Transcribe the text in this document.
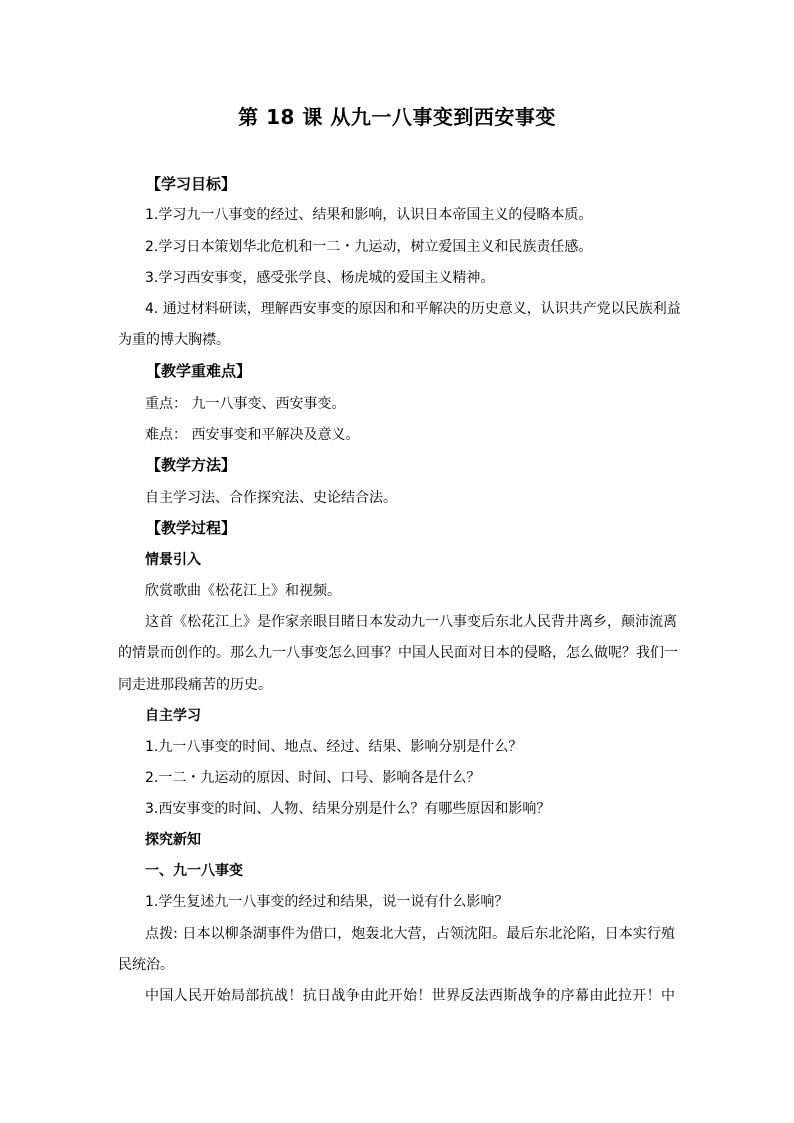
第 18 课 从九一八事变到西安事变
【学习目标】
1.学习九一八事变的经过、结果和影响，认识日本帝国主义的侵略本质。
2.学习日本策划华北危机和一二・九运动，树立爱国主义和民族责任感。
3.学习西安事变，感受张学良、杨虎城的爱国主义精神。
4. 通过材料研读，理解西安事变的原因和和平解决的历史意义，认识共产党以民族利益
为重的博大胸襟。
【教学重难点】
重点： 九一八事变、西安事变。
难点： 西安事变和平解决及意义。
【教学方法】
自主学习法、合作探究法、史论结合法。
【教学过程】
情景引入
欣赏歌曲《松花江上》和视频。
这首《松花江上》是作家亲眼目睹日本发动九一八事变后东北人民背井离乡，颠沛流离
的情景而创作的。那么九一八事变怎么回事？中国人民面对日本的侵略，怎么做呢？我们一
同走进那段痛苦的历史。
自主学习
1.九一八事变的时间、地点、经过、结果、影响分别是什么？
2.一二・九运动的原因、时间、口号、影响各是什么？
3.西安事变的时间、人物、结果分别是什么？有哪些原因和影响？
探究新知
一、九一八事变
1.学生复述九一八事变的经过和结果，说一说有什么影响？
点拨: 日本以柳条湖事件为借口，炮轰北大营，占领沈阳。最后东北沦陷，日本实行殖
民统治。
中国人民开始局部抗战！抗日战争由此开始！世界反法西斯战争的序幕由此拉开！中
